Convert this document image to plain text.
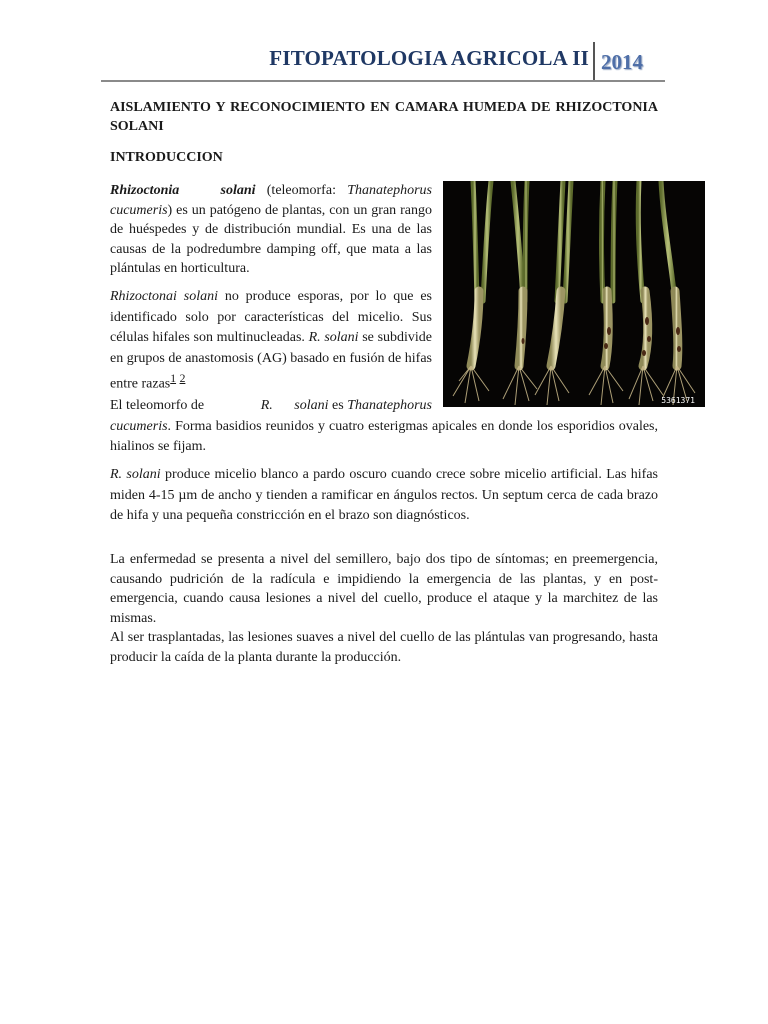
FITOPATOLOGIA AGRICOLA II 2014
AISLAMIENTO Y RECONOCIMIENTO EN CAMARA HUMEDA DE RHIZOCTONIA SOLANI
INTRODUCCION
Rhizoctonia solani (teleomorfa: Thanatephorus cucumeris) es un patógeno de plantas, con un gran rango de huéspedes y de distribución mundial. Es una de las causas de la podredumbre damping off, que mata a las plántulas en horticultura.
Rhizoctonai solani no produce esporas, por lo que es identificado solo por características del micelio. Sus células hifales son multinucleadas. R. solani se subdivide en grupos de anastomosis (AG) basado en fusión de hifas entre razas$^1$ $^2$
El teleomorfo de	R. solani es Thanatephorus
cucumeris. Forma basidios reunidos y cuatro esterigmas apicales en donde los esporidios ovales, hialinos se fijam.
R. solani produce micelio blanco a pardo oscuro cuando crece sobre micelio artificial. Las hifas miden 4-15 µm de ancho y tienden a ramificar en ángulos rectos. Un septum cerca de cada brazo de hifa y una pequeña constricción en el brazo son diagnósticos.
La enfermedad se presenta a nivel del semillero, bajo dos tipo de síntomas; en preemergencia, causando pudrición de la radícula e impidiendo la emergencia de las plantas, y en post-emergencia, cuando causa lesiones a nivel del cuello, produce el ataque y la marchitez de las mismas.
Al ser trasplantadas, las lesiones suaves a nivel del cuello de las plántulas van progresando, hasta producir la caída de la planta durante la producción.
5361371
